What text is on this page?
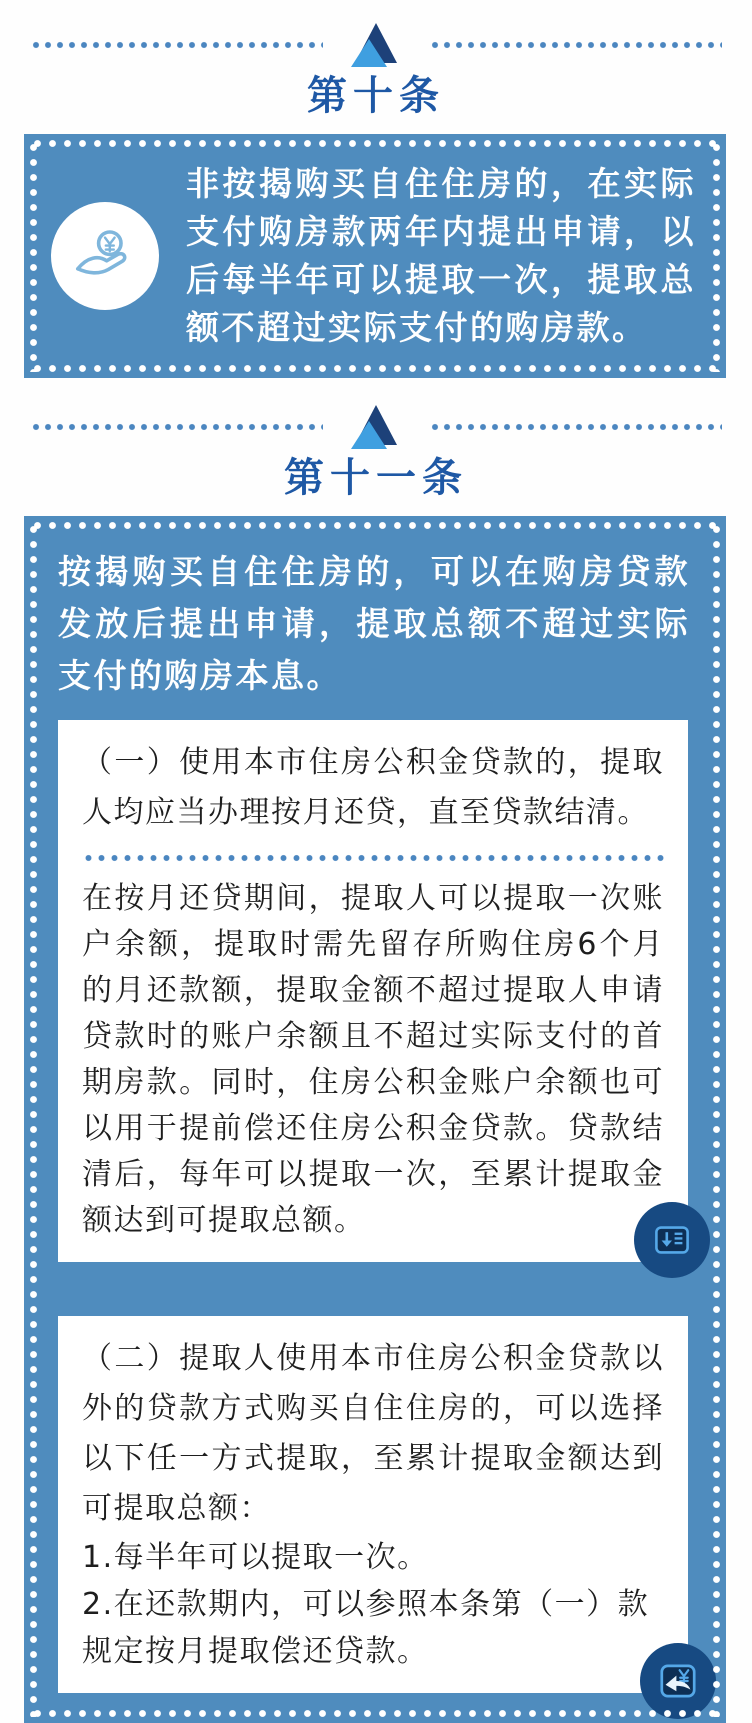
第十条

非按揭购买自住住房的，在实际支付购房款两年内提出申请，以后每半年可以提取一次，提取总额不超过实际支付的购房款。

第十一条

按揭购买自住住房的，可以在购房贷款发放后提出申请，提取总额不超过实际支付的购房本息。

（一）使用本市住房公积金贷款的，提取人均应当办理按月还贷，直至贷款结清。

在按月还贷期间，提取人可以提取一次账户余额，提取时需先留存所购住房6个月的月还款额，提取金额不超过提取人申请贷款时的账户余额且不超过实际支付的首期房款。同时，住房公积金账户余额也可以用于提前偿还住房公积金贷款。贷款结清后，每年可以提取一次，至累计提取金额达到可提取总额。

（二）提取人使用本市住房公积金贷款以外的贷款方式购买自住住房的，可以选择以下任一方式提取，至累计提取金额达到可提取总额：

1.每半年可以提取一次。

2.在还款期内，可以参照本条第（一）款规定按月提取偿还贷款。
